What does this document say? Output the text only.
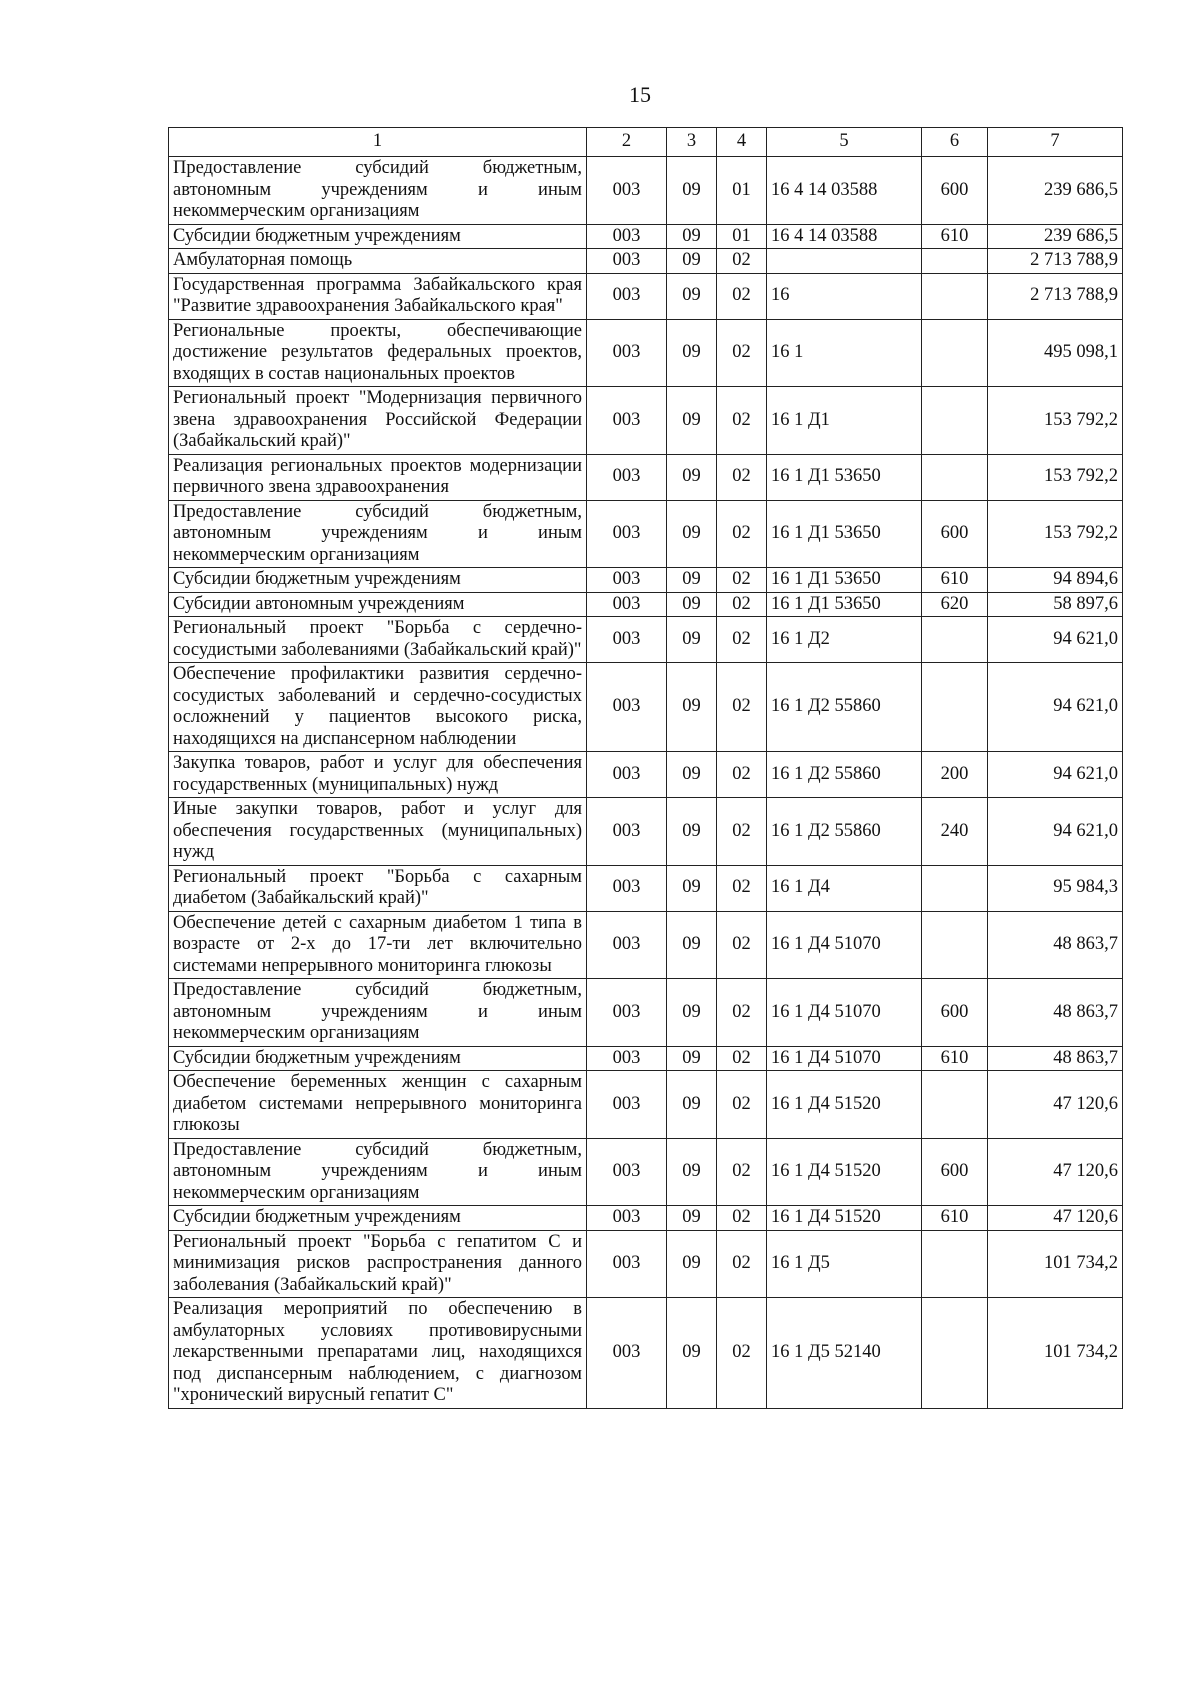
15
1	2	3	4	5	6	7
Предоставление субсидий бюджетным, автономным учреждениям и иным некоммерческим организациям	003	09	01	16 4 14 03588	600	239 686,5
Субсидии бюджетным учреждениям	003	09	01	16 4 14 03588	610	239 686,5
Амбулаторная помощь	003	09	02			2 713 788,9
Государственная программа Забайкальского края "Развитие здравоохранения Забайкальского края"	003	09	02	16		2 713 788,9
Региональные проекты, обеспечивающие достижение результатов федеральных проектов, входящих в состав национальных проектов	003	09	02	16 1		495 098,1
Региональный проект "Модернизация первичного звена здравоохранения Российской Федерации (Забайкальский край)"	003	09	02	16 1 Д1		153 792,2
Реализация региональных проектов модернизации первичного звена здравоохранения	003	09	02	16 1 Д1 53650		153 792,2
Предоставление субсидий бюджетным, автономным учреждениям и иным некоммерческим организациям	003	09	02	16 1 Д1 53650	600	153 792,2
Субсидии бюджетным учреждениям	003	09	02	16 1 Д1 53650	610	94 894,6
Субсидии автономным учреждениям	003	09	02	16 1 Д1 53650	620	58 897,6
Региональный проект "Борьба с сердечно-сосудистыми заболеваниями (Забайкальский край)"	003	09	02	16 1 Д2		94 621,0
Обеспечение профилактики развития сердечно-сосудистых заболеваний и сердечно-сосудистых осложнений у пациентов высокого риска, находящихся на диспансерном наблюдении	003	09	02	16 1 Д2 55860		94 621,0
Закупка товаров, работ и услуг для обеспечения государственных (муниципальных) нужд	003	09	02	16 1 Д2 55860	200	94 621,0
Иные закупки товаров, работ и услуг для обеспечения государственных (муниципальных) нужд	003	09	02	16 1 Д2 55860	240	94 621,0
Региональный проект "Борьба с сахарным диабетом (Забайкальский край)"	003	09	02	16 1 Д4		95 984,3
Обеспечение детей с сахарным диабетом 1 типа в возрасте от 2-х до 17-ти лет включительно системами непрерывного мониторинга глюкозы	003	09	02	16 1 Д4 51070		48 863,7
Предоставление субсидий бюджетным, автономным учреждениям и иным некоммерческим организациям	003	09	02	16 1 Д4 51070	600	48 863,7
Субсидии бюджетным учреждениям	003	09	02	16 1 Д4 51070	610	48 863,7
Обеспечение беременных женщин с сахарным диабетом системами непрерывного мониторинга глюкозы	003	09	02	16 1 Д4 51520		47 120,6
Предоставление субсидий бюджетным, автономным учреждениям и иным некоммерческим организациям	003	09	02	16 1 Д4 51520	600	47 120,6
Субсидии бюджетным учреждениям	003	09	02	16 1 Д4 51520	610	47 120,6
Региональный проект "Борьба с гепатитом С и минимизация рисков распространения данного заболевания (Забайкальский край)"	003	09	02	16 1 Д5		101 734,2
Реализация мероприятий по обеспечению в амбулаторных условиях противовирусными лекарственными препаратами лиц, находящихся под диспансерным наблюдением, с диагнозом "хронический вирусный гепатит С"	003	09	02	16 1 Д5 52140		101 734,2
